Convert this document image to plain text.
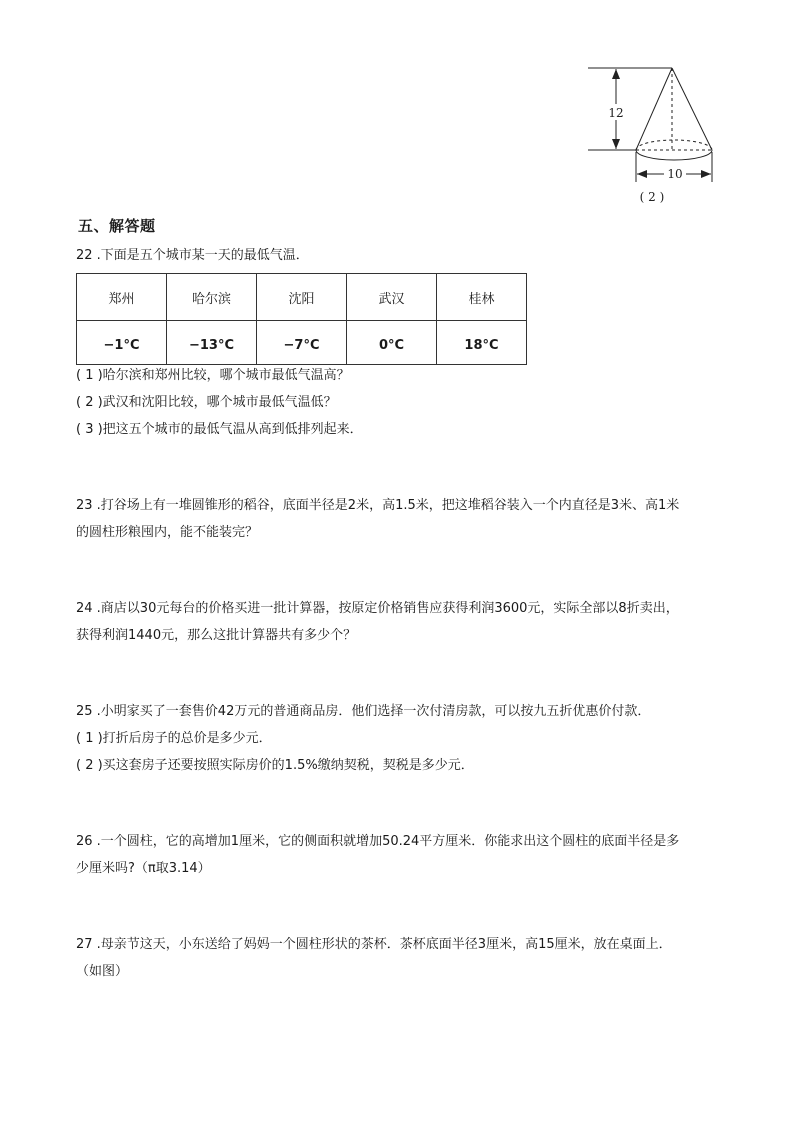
12
10
( 2 )
五、解答题
22 .下面是五个城市某一天的最低气温．
郑州	哈尔滨	沈阳	武汉	桂林
−1°C	−13°C	−7°C	0°C	18°C
( 1 )哈尔滨和郑州比较，哪个城市最低气温高？
( 2 )武汉和沈阳比较，哪个城市最低气温低？
( 3 )把这五个城市的最低气温从高到低排列起来．
23 .打谷场上有一堆圆锥形的稻谷，底面半径是2米，高1.5米，把这堆稻谷装入一个内直径是3米、高1米
的圆柱形粮囤内，能不能装完？
24 .商店以30元每台的价格买进一批计算器，按原定价格销售应获得利润3600元，实际全部以8折卖出，
获得利润1440元，那么这批计算器共有多少个？
25 .小明家买了一套售价42万元的普通商品房．他们选择一次付清房款，可以按九五折优惠价付款．
( 1 )打折后房子的总价是多少元．
( 2 )买这套房子还要按照实际房价的1.5%缴纳契税，契税是多少元．
26 .一个圆柱，它的高增加1厘米，它的侧面积就增加50.24平方厘米．你能求出这个圆柱的底面半径是多
少厘米吗?（π取3.14）
27 .母亲节这天，小东送给了妈妈一个圆柱形状的茶杯．茶杯底面半径3厘米，高15厘米，放在桌面上．
（如图）
